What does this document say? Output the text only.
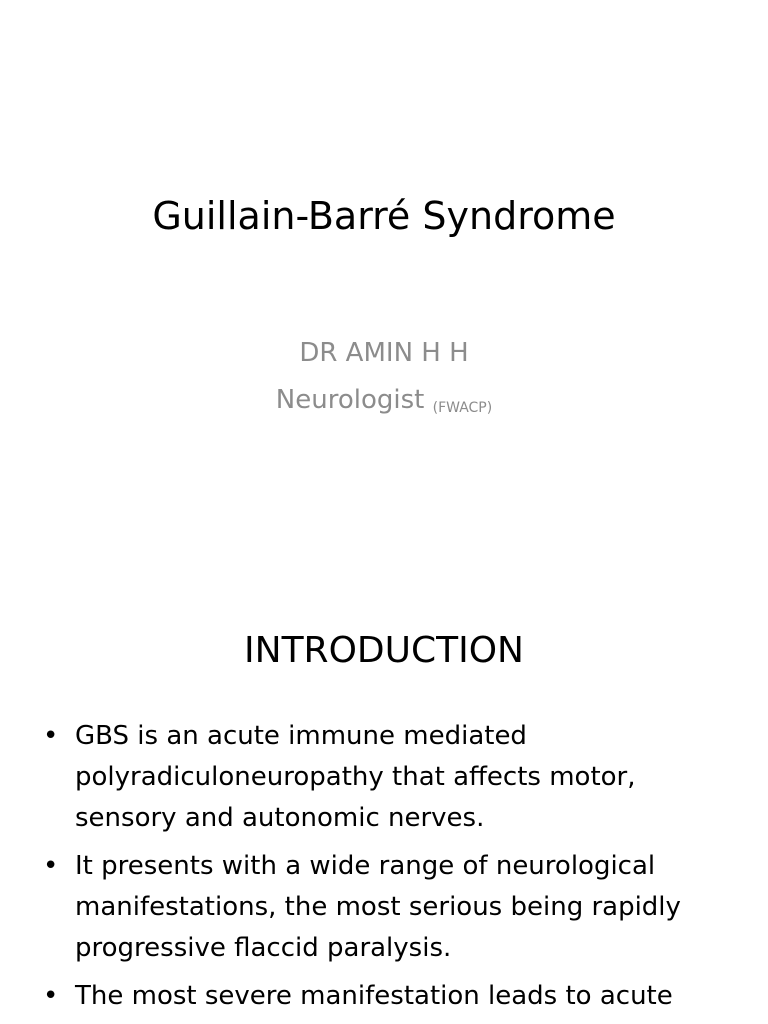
Guillain-Barré Syndrome
DR AMIN H H
Neurologist (FWACP)
INTRODUCTION
• GBS is an acute immune mediated polyradiculoneuropathy that affects motor, sensory and autonomic nerves.
• It presents with a wide range of neurological manifestations, the most serious being rapidly progressive flaccid paralysis.
• The most severe manifestation leads to acute
